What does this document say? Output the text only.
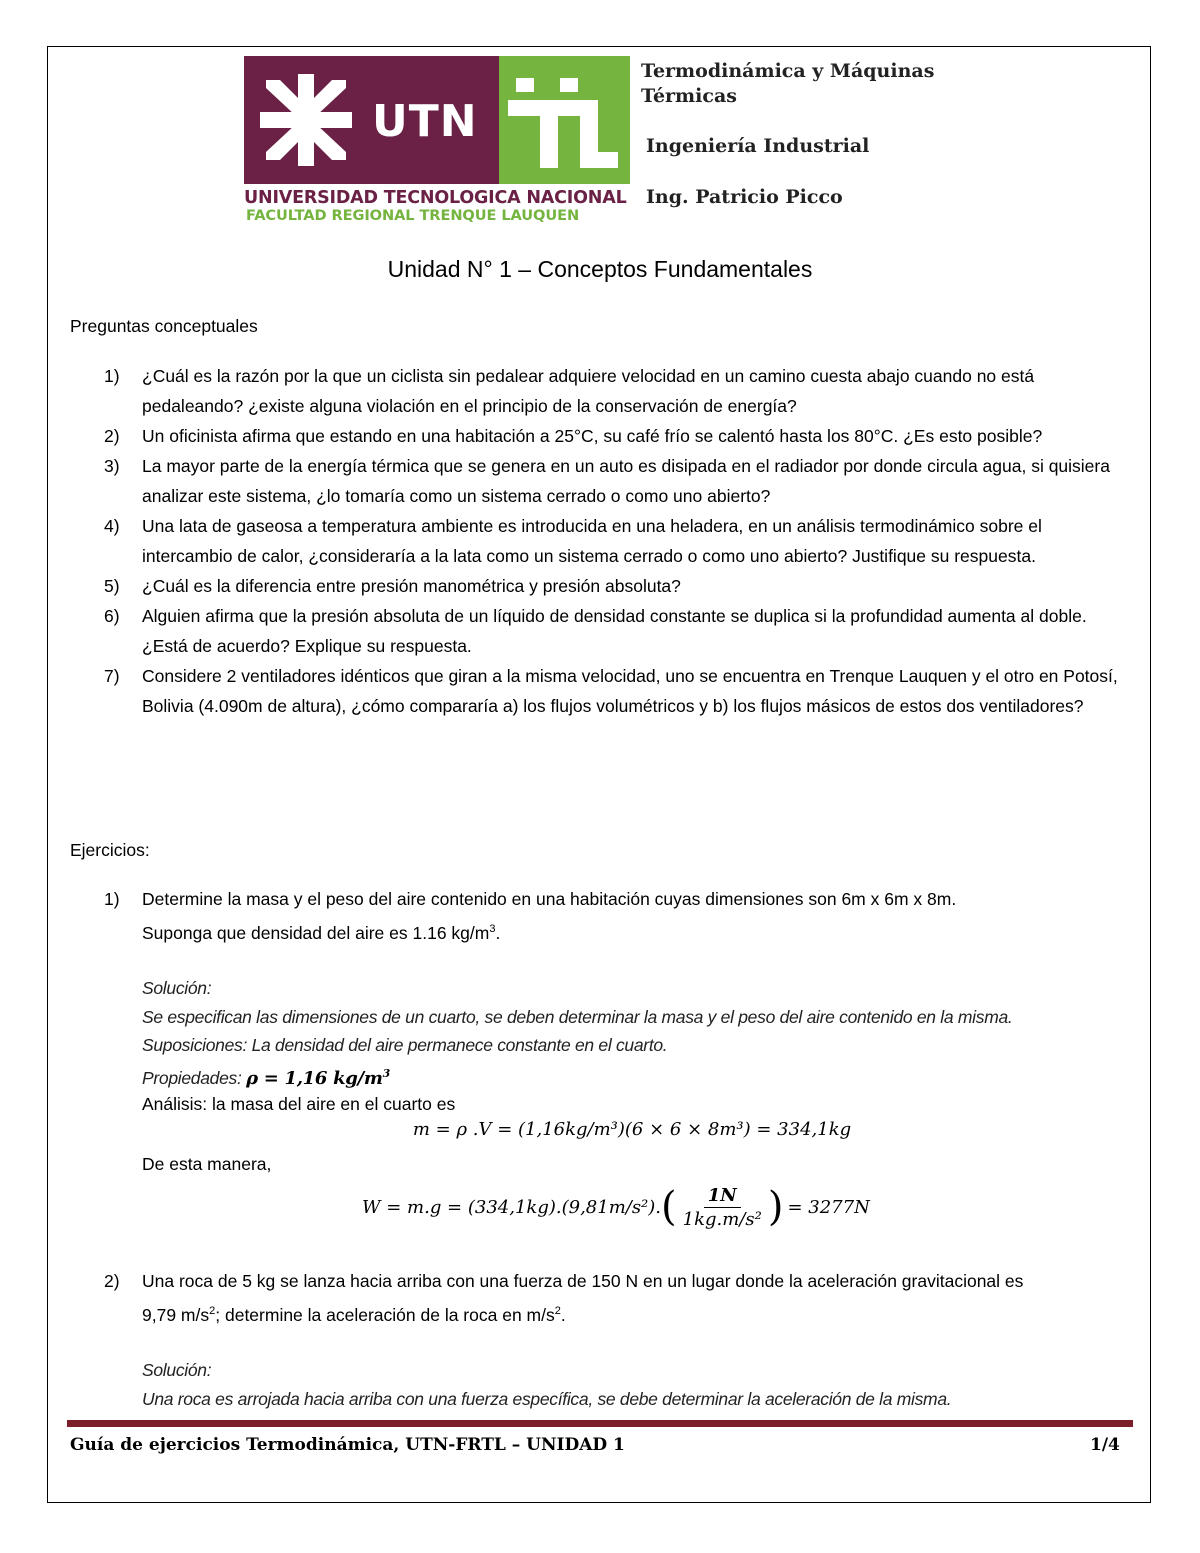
UTN
UNIVERSIDAD TECNOLOGICA NACIONAL
FACULTAD REGIONAL TRENQUE LAUQUEN
Termodinámica y Máquinas
Térmicas
Ingeniería Industrial
Ing. Patricio Picco
Unidad N° 1 – Conceptos Fundamentales
Preguntas conceptuales
1) ¿Cuál es la razón por la que un ciclista sin pedalear adquiere velocidad en un camino cuesta abajo cuando no está pedaleando? ¿existe alguna violación en el principio de la conservación de energía?
2) Un oficinista afirma que estando en una habitación a 25°C, su café frío se calentó hasta los 80°C. ¿Es esto posible?
3) La mayor parte de la energía térmica que se genera en un auto es disipada en el radiador por donde circula agua, si quisiera analizar este sistema, ¿lo tomaría como un sistema cerrado o como uno abierto?
4) Una lata de gaseosa a temperatura ambiente es introducida en una heladera, en un análisis termodinámico sobre el intercambio de calor, ¿consideraría a la lata como un sistema cerrado o como uno abierto? Justifique su respuesta.
5) ¿Cuál es la diferencia entre presión manométrica y presión absoluta?
6) Alguien afirma que la presión absoluta de un líquido de densidad constante se duplica si la profundidad aumenta al doble. ¿Está de acuerdo? Explique su respuesta.
7) Considere 2 ventiladores idénticos que giran a la misma velocidad, uno se encuentra en Trenque Lauquen y el otro en Potosí, Bolivia (4.090m de altura), ¿cómo compararía a) los flujos volumétricos y b) los flujos másicos de estos dos ventiladores?
Ejercicios:
1) Determine la masa y el peso del aire contenido en una habitación cuyas dimensiones son 6m x 6m x 8m.
Suponga que densidad del aire es 1.16 $kg/m^3$.
Solución:
Se especifican las dimensiones de un cuarto, se deben determinar la masa y el peso del aire contenido en la misma.
Suposiciones: La densidad del aire permanece constante en el cuarto.
Propiedades: ρ = 1,16 $kg/m^3$
Análisis: la masa del aire en el cuarto es
m = ρ .V = (1,16kg/m³)(6 × 6 × 8m³) = 334,1kg
De esta manera,
W = m.g = (334,1kg).(9,81m/s²). ( $\frac{1N}{\text{1kg.m/s²}}$ ) = 3277N
2) Una roca de 5 kg se lanza hacia arriba con una fuerza de 150 N en un lugar donde la aceleración gravitacional es
9,79 $m/s^2$; determine la aceleración de la roca en $m/s^2$.
Solución:
Una roca es arrojada hacia arriba con una fuerza específica, se debe determinar la aceleración de la misma.
Guía de ejercicios Termodinámica, UTN-FRTL – UNIDAD 1	1/4
